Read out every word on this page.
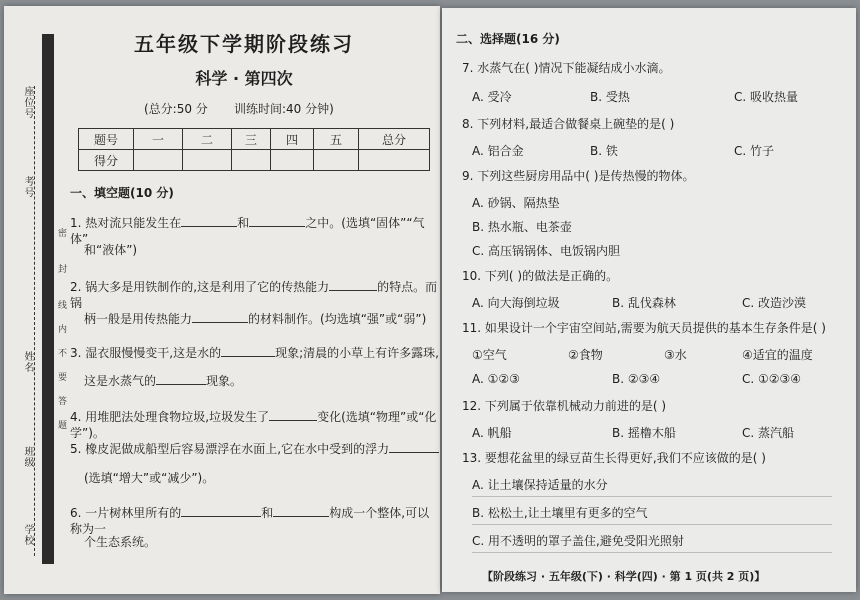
座位号
考号
姓名
班级
学校
密
封
线
内
不
要
答
题
五年级下学期阶段练习
科学 · 第四次
(总分:50 分 训练时间:40 分钟)
题号	一	二	三	四	五	总分
得分						
一、填空题(10 分)
1. 热对流只能发生在	和	之中。(选填“固体”“气体”
和“液体”)
2. 锅大多是用铁制作的,这是利用了它的传热能力	的特点。而锅
柄一般是用传热能力	的材料制作。(均选填“强”或“弱”)
3. 湿衣服慢慢变干,这是水的	现象;清晨的小草上有许多露珠,
这是水蒸气的	现象。
4. 用堆肥法处理食物垃圾,垃圾发生了	变化(选填“物理”或“化学”)。
5. 橡皮泥做成船型后容易漂浮在水面上,它在水中受到的浮力
(选填“增大”或“减少”)。
6. 一片树林里所有的	和	构成一个整体,可以称为一
个生态系统。
二、选择题(16 分)
7. 水蒸气在( )情况下能凝结成小水滴。
A. 受冷	B. 受热	C. 吸收热量
8. 下列材料,最适合做餐桌上碗垫的是( )
A. 铝合金	B. 铁	C. 竹子
9. 下列这些厨房用品中( )是传热慢的物体。
A. 砂锅、隔热垫
B. 热水瓶、电茶壶
C. 高压锅锅体、电饭锅内胆
10. 下列( )的做法是正确的。
A. 向大海倒垃圾	B. 乱伐森林	C. 改造沙漠
11. 如果设计一个宇宙空间站,需要为航天员提供的基本生存条件是( )
①空气	②食物	③水	④适宜的温度
A. ①②③	B. ②③④	C. ①②③④
12. 下列属于依靠机械动力前进的是( )
A. 帆船	B. 摇橹木船	C. 蒸汽船
13. 要想花盆里的绿豆苗生长得更好,我们不应该做的是( )
A. 让土壤保持适量的水分
B. 松松土,让土壤里有更多的空气
C. 用不透明的罩子盖住,避免受阳光照射
【阶段练习 · 五年级(下) · 科学(四) · 第 1 页(共 2 页)】
